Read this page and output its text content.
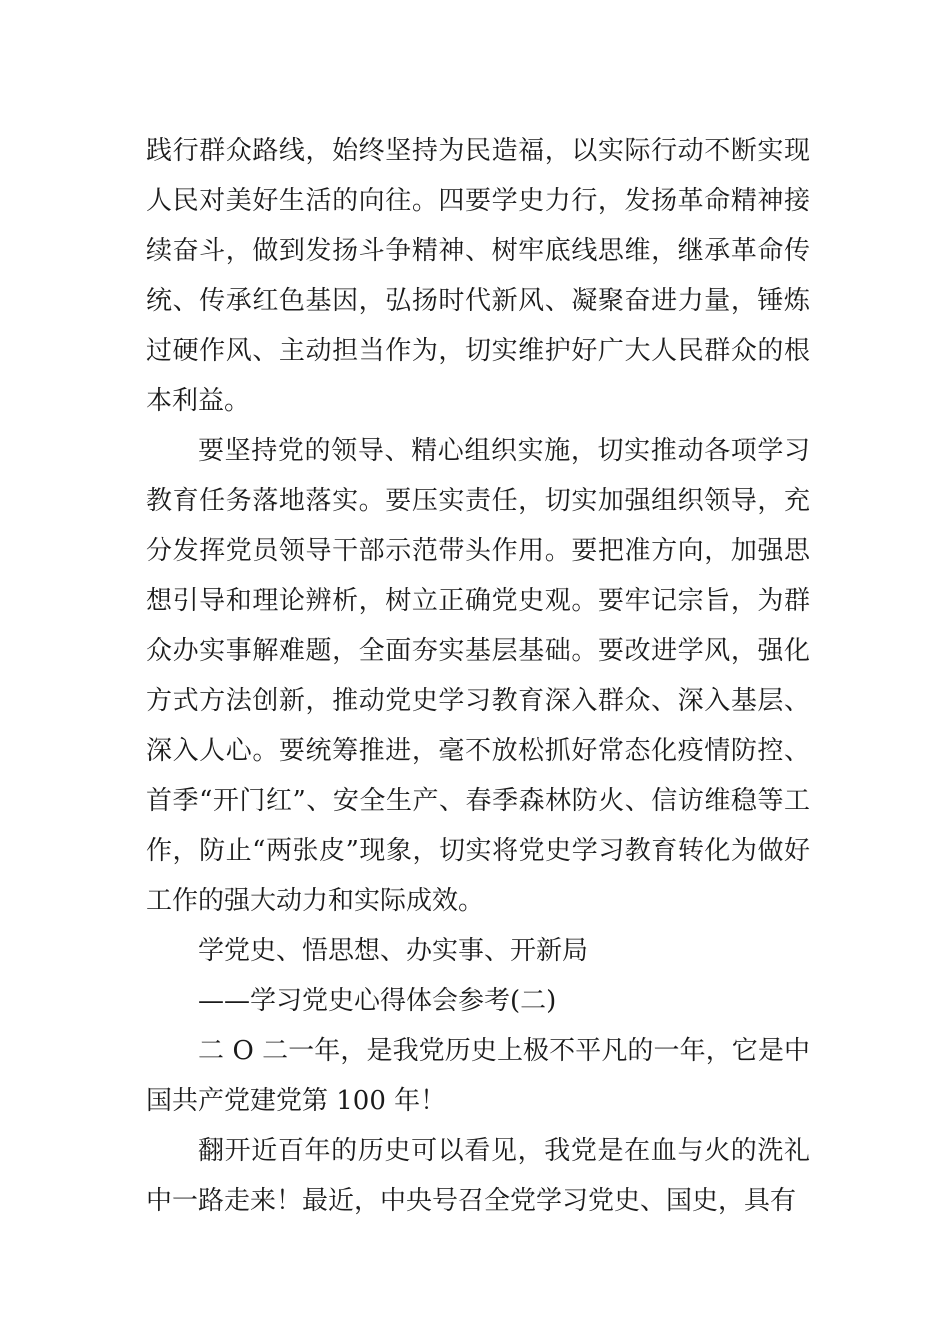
践行群众路线，始终坚持为民造福，以实际行动不断实现人民对美好生活的向往。四要学史力行，发扬革命精神接续奋斗，做到发扬斗争精神、树牢底线思维，继承革命传统、传承红色基因，弘扬时代新风、凝聚奋进力量，锤炼过硬作风、主动担当作为，切实维护好广大人民群众的根本利益。

要坚持党的领导、精心组织实施，切实推动各项学习教育任务落地落实。要压实责任，切实加强组织领导，充分发挥党员领导干部示范带头作用。要把准方向，加强思想引导和理论辨析，树立正确党史观。要牢记宗旨，为群众办实事解难题，全面夯实基层基础。要改进学风，强化方式方法创新，推动党史学习教育深入群众、深入基层、深入人心。要统筹推进，毫不放松抓好常态化疫情防控、首季“开门红”、安全生产、春季森林防火、信访维稳等工作，防止“两张皮”现象，切实将党史学习教育转化为做好工作的强大动力和实际成效。

学党史、悟思想、办实事、开新局

——学习党史心得体会参考(二)

二 O 二一年，是我党历史上极不平凡的一年，它是中国共产党建党第 100 年！

翻开近百年的历史可以看见，我党是在血与火的洗礼中一路走来！最近，中央号召全党学习党史、国史，具有
